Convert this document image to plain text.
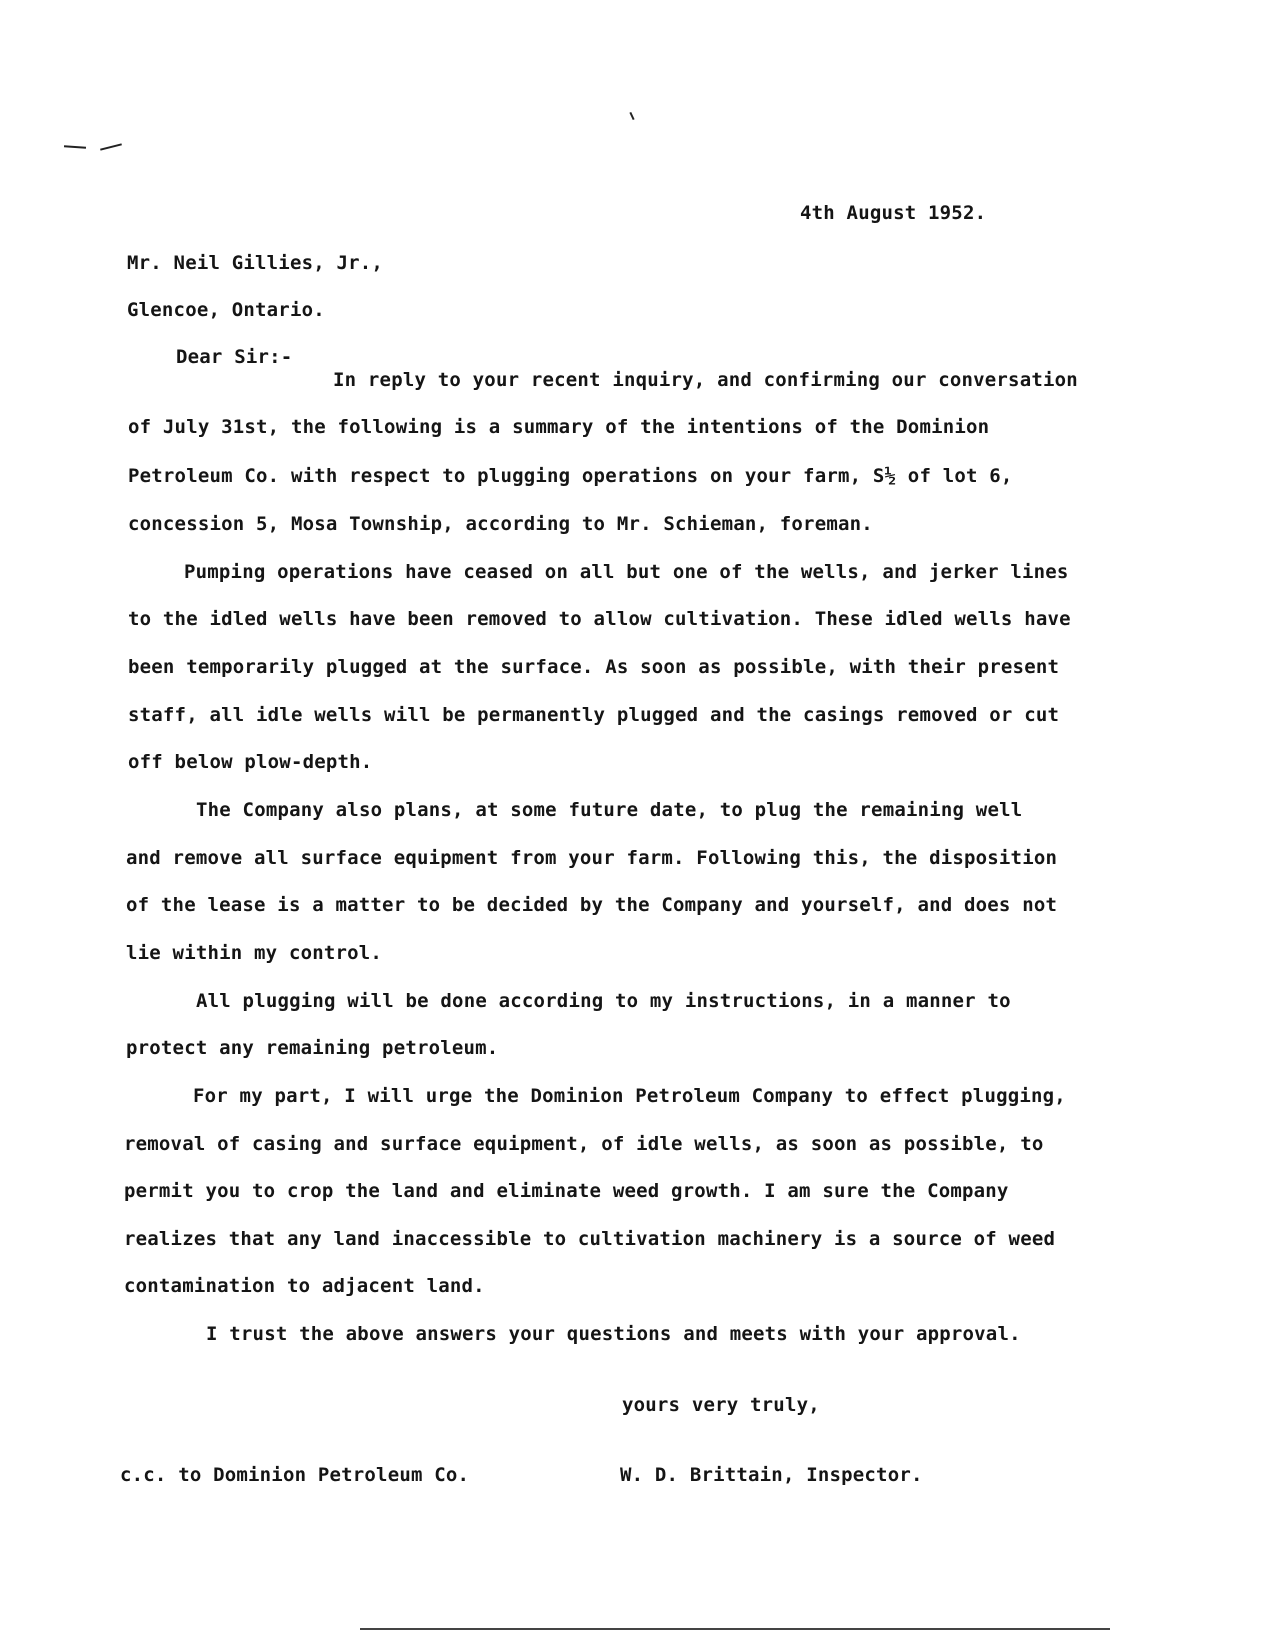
4th August 1952.
Mr. Neil Gillies, Jr.,
Glencoe, Ontario.
Dear Sir:-
In reply to your recent inquiry, and confirming our conversation
of July 31st, the following is a summary of the intentions of the Dominion
Petroleum Co. with respect to plugging operations on your farm, S½ of lot 6,
concession 5, Mosa Township, according to Mr. Schieman, foreman.
Pumping operations have ceased on all but one of the wells, and jerker lines
to the idled wells have been removed to allow cultivation. These idled wells have
been temporarily plugged at the surface. As soon as possible, with their present
staff, all idle wells will be permanently plugged and the casings removed or cut
off below plow-depth.
The Company also plans, at some future date, to plug the remaining well
and remove all surface equipment from your farm. Following this, the disposition
of the lease is a matter to be decided by the Company and yourself, and does not
lie within my control.
All plugging will be done according to my instructions, in a manner to
protect any remaining petroleum.
For my part, I will urge the Dominion Petroleum Company to effect plugging,
removal of casing and surface equipment, of idle wells, as soon as possible, to
permit you to crop the land and eliminate weed growth. I am sure the Company
realizes that any land inaccessible to cultivation machinery is a source of weed
contamination to adjacent land.
I trust the above answers your questions and meets with your approval.
yours very truly,
c.c. to Dominion Petroleum Co.	W. D. Brittain, Inspector.
